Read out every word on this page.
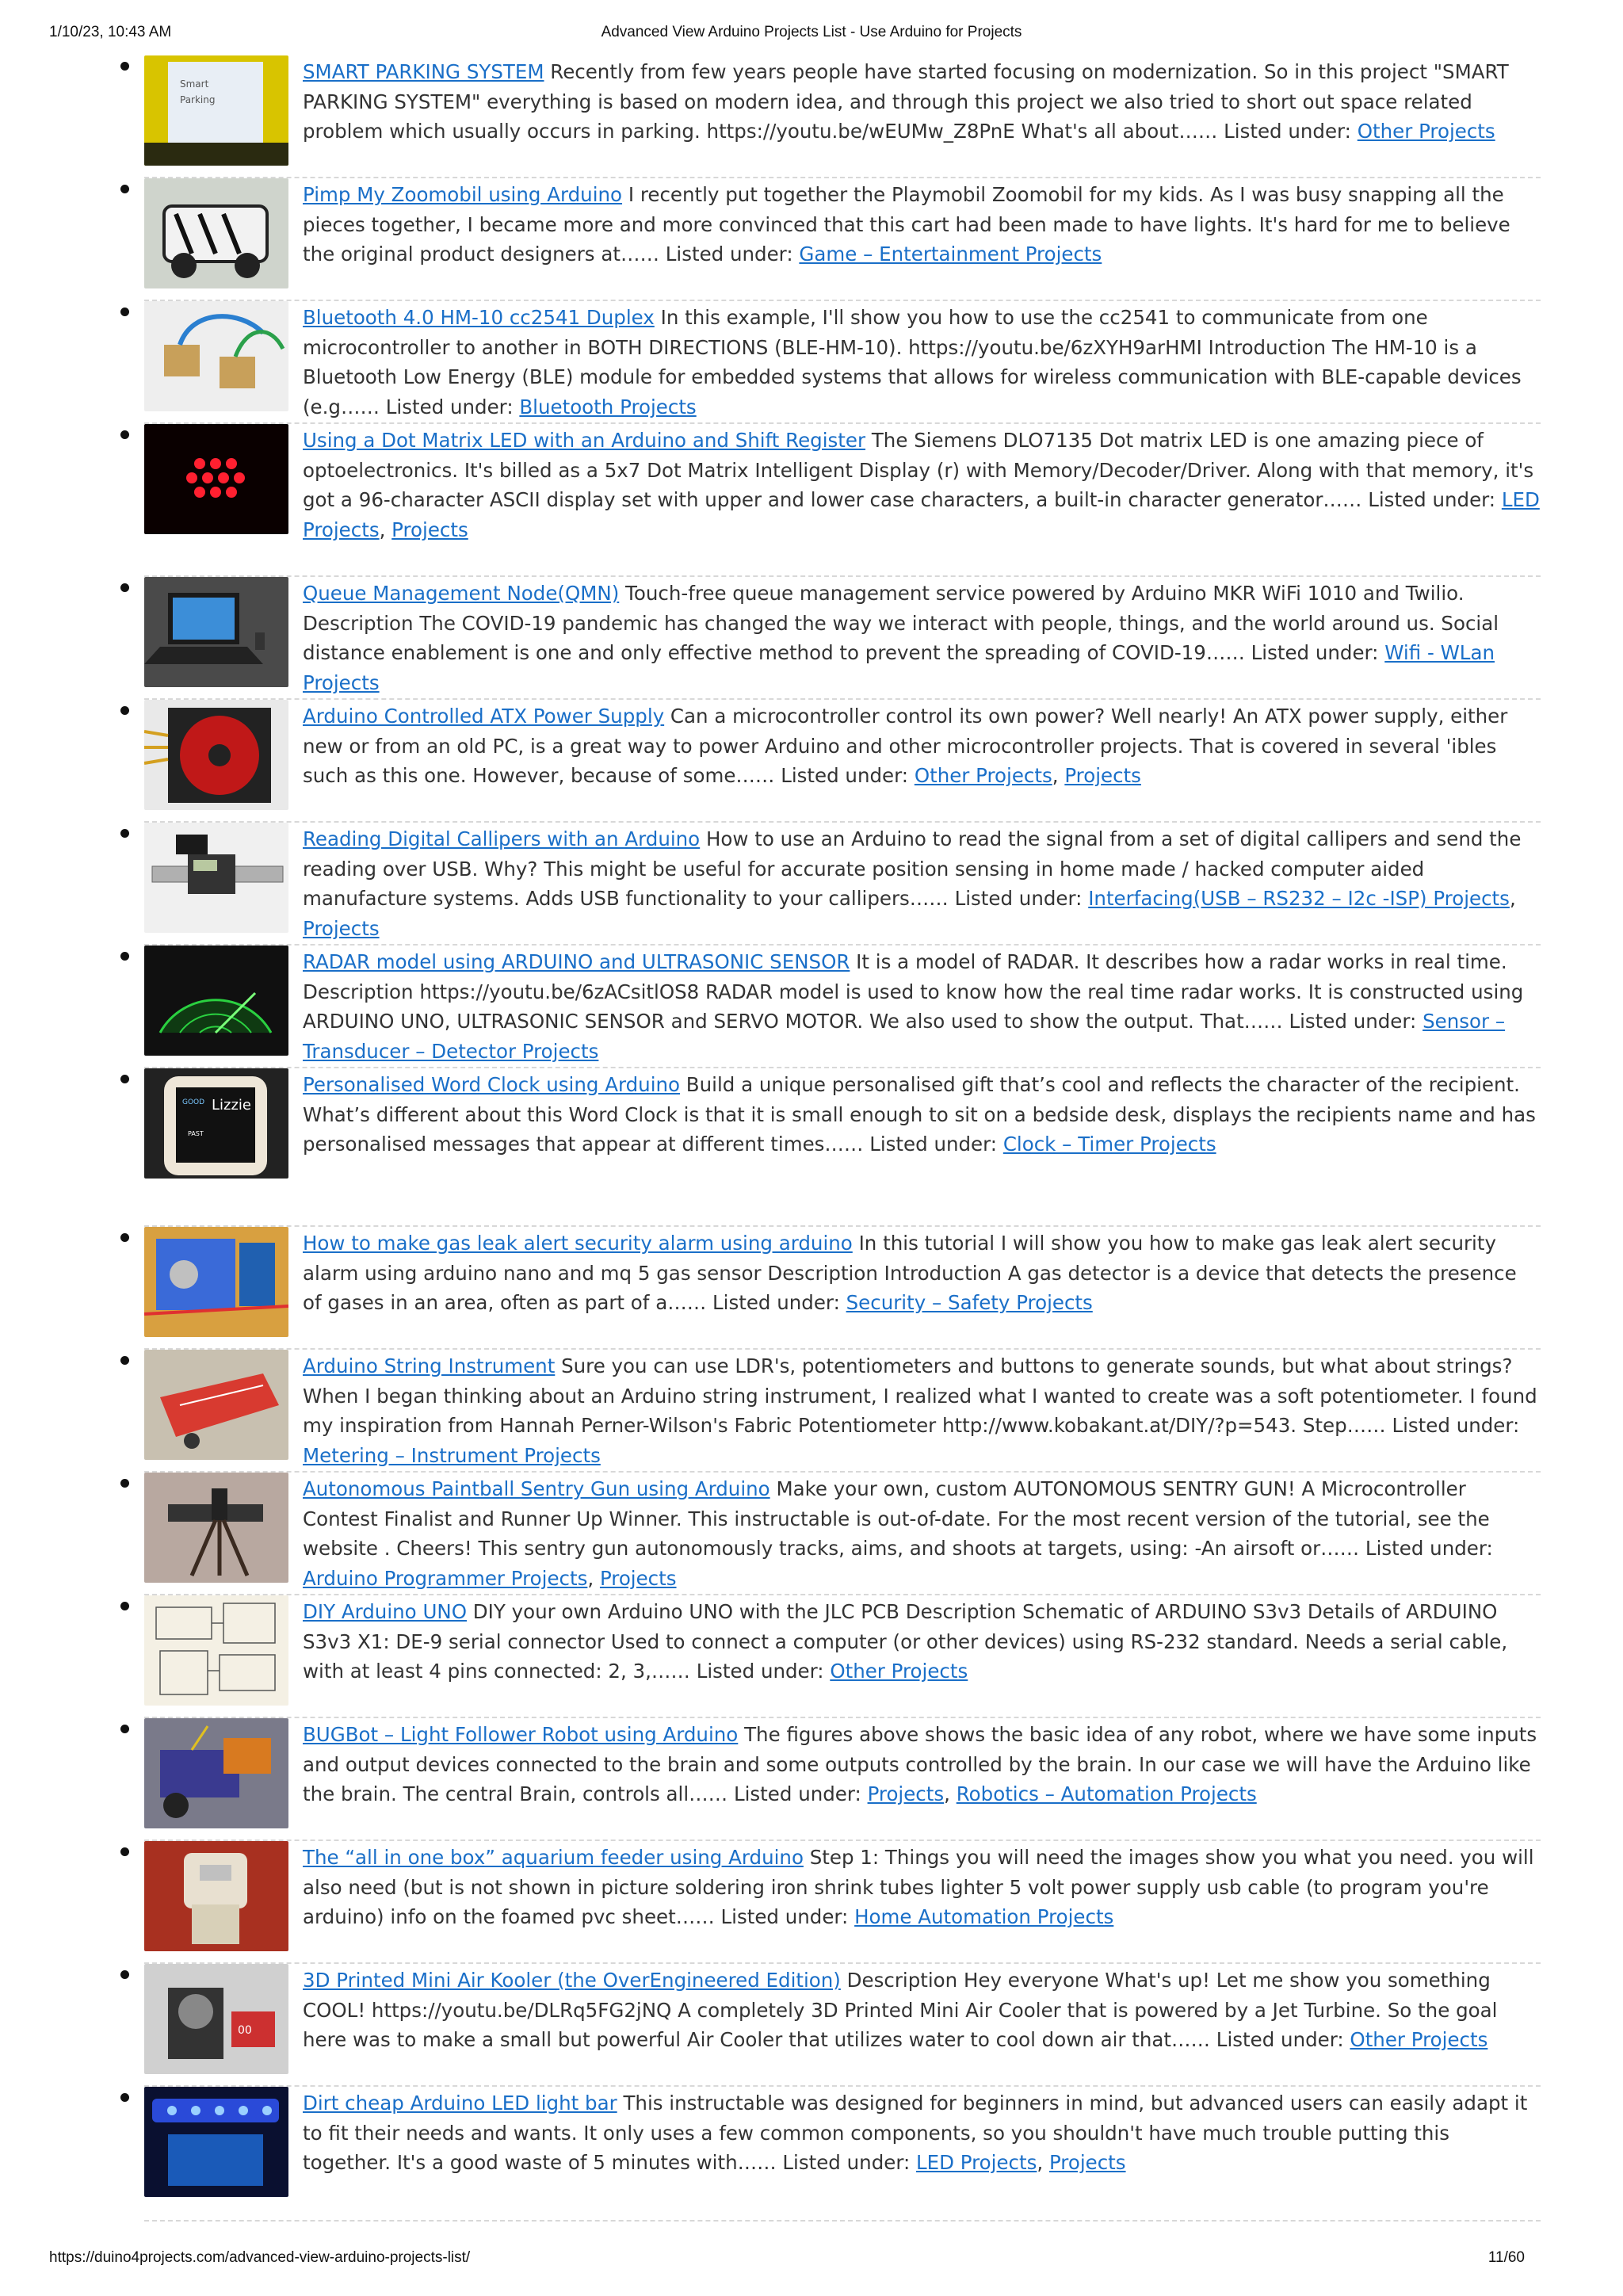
1/10/23, 10:43 AM	Advanced View Arduino Projects List - Use Arduino for Projects
Smart
Parking
SMART PARKING SYSTEM Recently from few years people have started focusing on modernization. So in this project "SMART PARKING SYSTEM" everything is based on modern idea, and through this project we also tried to short out space related problem which usually occurs in parking. https://youtu.be/wEUMw_Z8PnE What's all about…… Listed under: Other Projects
Pimp My Zoomobil using Arduino I recently put together the Playmobil Zoomobil for my kids. As I was busy snapping all the pieces together, I became more and more convinced that this cart had been made to have lights. It's hard for me to believe the original product designers at…… Listed under: Game – Entertainment Projects
Bluetooth 4.0 HM-10 cc2541 Duplex In this example, I'll show you how to use the cc2541 to communicate from one microcontroller to another in BOTH DIRECTIONS (BLE-HM-10). https://youtu.be/6zXYH9arHMI Introduction The HM-10 is a Bluetooth Low Energy (BLE) module for embedded systems that allows for wireless communication with BLE-capable devices (e.g…… Listed under: Bluetooth Projects
Using a Dot Matrix LED with an Arduino and Shift Register The Siemens DLO7135 Dot matrix LED is one amazing piece of optoelectronics. It's billed as a 5x7 Dot Matrix Intelligent Display (r) with Memory/Decoder/Driver. Along with that memory, it's got a 96-character ASCII display set with upper and lower case characters, a built-in character generator…… Listed under: LED Projects, Projects
Queue Management Node(QMN) Touch-free queue management service powered by Arduino MKR WiFi 1010 and Twilio. Description The COVID-19 pandemic has changed the way we interact with people, things, and the world around us. Social distance enablement is one and only effective method to prevent the spreading of COVID-19…… Listed under: Wifi - WLan Projects
Arduino Controlled ATX Power Supply Can a microcontroller control its own power? Well nearly! An ATX power supply, either new or from an old PC, is a great way to power Arduino and other microcontroller projects. That is covered in several 'ibles such as this one. However, because of some…… Listed under: Other Projects, Projects
Reading Digital Callipers with an Arduino How to use an Arduino to read the signal from a set of digital callipers and send the reading over USB. Why? This might be useful for accurate position sensing in home made / hacked computer aided manufacture systems. Adds USB functionality to your callipers…… Listed under: Interfacing(USB – RS232 – I2c -ISP) Projects, Projects
RADAR model using ARDUINO and ULTRASONIC SENSOR It is a model of RADAR. It describes how a radar works in real time. Description https://youtu.be/6zACsitlOS8 RADAR model is used to know how the real time radar works. It is constructed using ARDUINO UNO, ULTRASONIC SENSOR and SERVO MOTOR. We also used to show the output. That…… Listed under: Sensor – Transducer – Detector Projects
GOOD Lizzie
PAST
Personalised Word Clock using Arduino Build a unique personalised gift that’s cool and reflects the character of the recipient. What’s different about this Word Clock is that it is small enough to sit on a bedside desk, displays the recipients name and has personalised messages that appear at different times…… Listed under: Clock – Timer Projects
How to make gas leak alert security alarm using arduino In this tutorial I will show you how to make gas leak alert security alarm using arduino nano and mq 5 gas sensor Description Introduction A gas detector is a device that detects the presence of gases in an area, often as part of a…… Listed under: Security – Safety Projects
Arduino String Instrument Sure you can use LDR's, potentiometers and buttons to generate sounds, but what about strings? When I began thinking about an Arduino string instrument, I realized what I wanted to create was a soft potentiometer. I found my inspiration from Hannah Perner-Wilson's Fabric Potentiometer http://www.kobakant.at/DIY/?p=543. Step…… Listed under: Metering – Instrument Projects
Autonomous Paintball Sentry Gun using Arduino Make your own, custom AUTONOMOUS SENTRY GUN! A Microcontroller Contest Finalist and Runner Up Winner. This instructable is out-of-date. For the most recent version of the tutorial, see the website . Cheers! This sentry gun autonomously tracks, aims, and shoots at targets, using: -An airsoft or…… Listed under: Arduino Programmer Projects, Projects
DIY Arduino UNO DIY your own Arduino UNO with the JLC PCB Description Schematic of ARDUINO S3v3 Details of ARDUINO S3v3 X1: DE-9 serial connector Used to connect a computer (or other devices) using RS-232 standard. Needs a serial cable, with at least 4 pins connected: 2, 3,…… Listed under: Other Projects
BUGBot – Light Follower Robot using Arduino The figures above shows the basic idea of any robot, where we have some inputs and output devices connected to the brain and some outputs controlled by the brain. In our case we will have the Arduino like the brain. The central Brain, controls all…… Listed under: Projects, Robotics – Automation Projects
The “all in one box” aquarium feeder using Arduino Step 1: Things you will need the images show you what you need. you will also need (but is not shown in picture soldering iron shrink tubes lighter 5 volt power supply usb cable (to program you're arduino) info on the foamed pvc sheet…… Listed under: Home Automation Projects
00
3D Printed Mini Air Kooler (the OverEngineered Edition) Description Hey everyone What's up! Let me show you something COOL! https://youtu.be/DLRq5FG2jNQ A completely 3D Printed Mini Air Cooler that is powered by a Jet Turbine. So the goal here was to make a small but powerful Air Cooler that utilizes water to cool down air that…… Listed under: Other Projects
Dirt cheap Arduino LED light bar This instructable was designed for beginners in mind, but advanced users can easily adapt it to fit their needs and wants. It only uses a few common components, so you shouldn't have much trouble putting this together. It's a good waste of 5 minutes with…… Listed under: LED Projects, Projects
https://duino4projects.com/advanced-view-arduino-projects-list/	11/60
